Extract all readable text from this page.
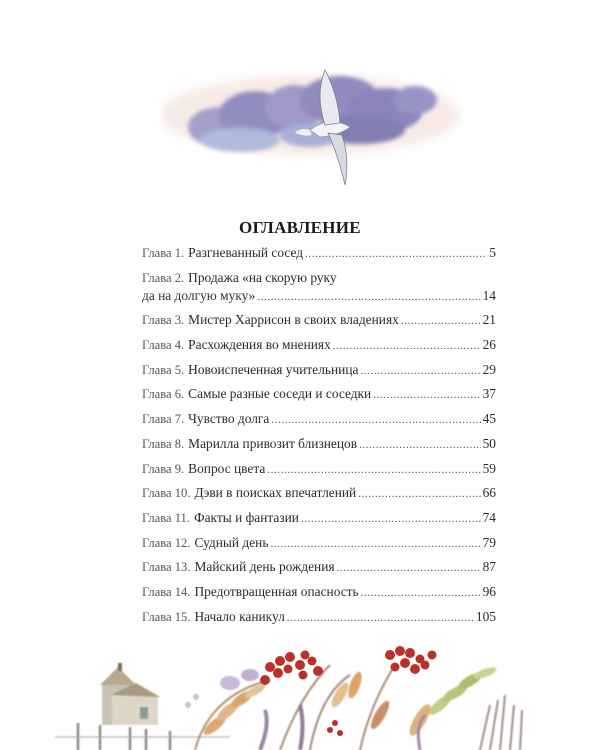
ОГЛАВЛЕНИЕ
Глава 1. Разгневанный сосед .....	5
Глава 2. Продажа «на скорую руку
да на долгую муку» .....	14
Глава 3. Мистер Харрисон в своих владениях .....	21
Глава 4. Расхождения во мнениях .....	26
Глава 5. Новоиспеченная учительница .....	29
Глава 6. Самые разные соседи и соседки .....	37
Глава 7. Чувство долга .....	45
Глава 8. Марилла привозит близнецов .....	50
Глава 9. Вопрос цвета .....	59
Глава 10. Дэви в поисках впечатлений .....	66
Глава 11. Факты и фантазии .....	74
Глава 12. Судный день .....	79
Глава 13. Майский день рождения .....	87
Глава 14. Предотвращенная опасность .....	96
Глава 15. Начало каникул .....	105
